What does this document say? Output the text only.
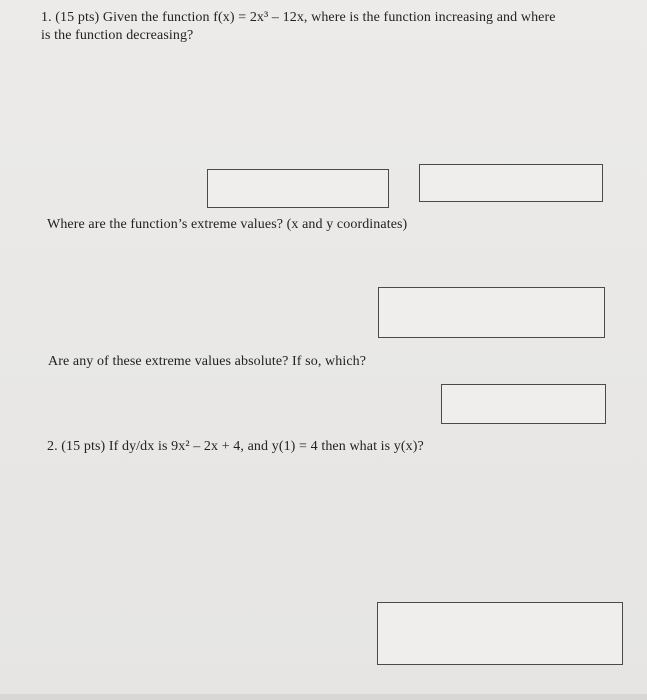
1. (15 pts) Given the function f(x) = 2x³ – 12x, where is the function increasing and where
is the function decreasing?
Where are the function’s extreme values? (x and y coordinates)
Are any of these extreme values absolute? If so, which?
2. (15 pts) If dy/dx is 9x² – 2x + 4, and y(1) = 4 then what is y(x)?
